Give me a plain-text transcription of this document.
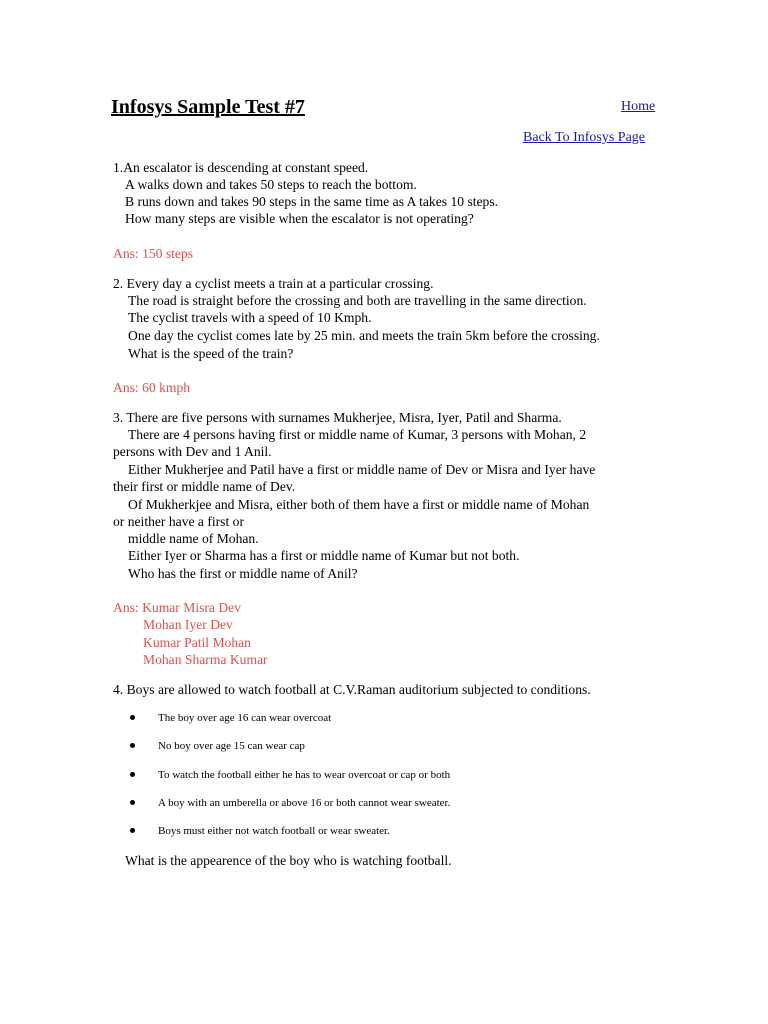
Infosys Sample Test #7	Home
Back To Infosys Page
1.An escalator is descending at constant speed.
A walks down and takes 50 steps to reach the bottom.
B runs down and takes 90 steps in the same time as A takes 10 steps.
How many steps are visible when the escalator is not operating?
Ans: 150 steps
2. Every day a cyclist meets a train at a particular crossing.
The road is straight before the crossing and both are travelling in the same direction.
The cyclist travels with a speed of 10 Kmph.
One day the cyclist comes late by 25 min. and meets the train 5km before the crossing.
What is the speed of the train?
Ans: 60 kmph
3. There are five persons with surnames Mukherjee, Misra, Iyer, Patil and Sharma.
There are 4 persons having first or middle name of Kumar, 3 persons with Mohan, 2
persons with Dev and 1 Anil.
Either Mukherjee and Patil have a first or middle name of Dev or Misra and Iyer have
their first or middle name of Dev.
Of Mukherkjee and Misra, either both of them have a first or middle name of Mohan
or neither have a first or
middle name of Mohan.
Either Iyer or Sharma has a first or middle name of Kumar but not both.
Who has the first or middle name of Anil?
Ans: Kumar Misra Dev
Mohan Iyer Dev
Kumar Patil Mohan
Mohan Sharma Kumar
4. Boys are allowed to watch football at C.V.Raman auditorium subjected to conditions.
The boy over age 16 can wear overcoat
No boy over age 15 can wear cap
To watch the football either he has to wear overcoat or cap or both
A boy with an umberella or above 16 or both cannot wear sweater.
Boys must either not watch football or wear sweater.
What is the appearence of the boy who is watching football.
